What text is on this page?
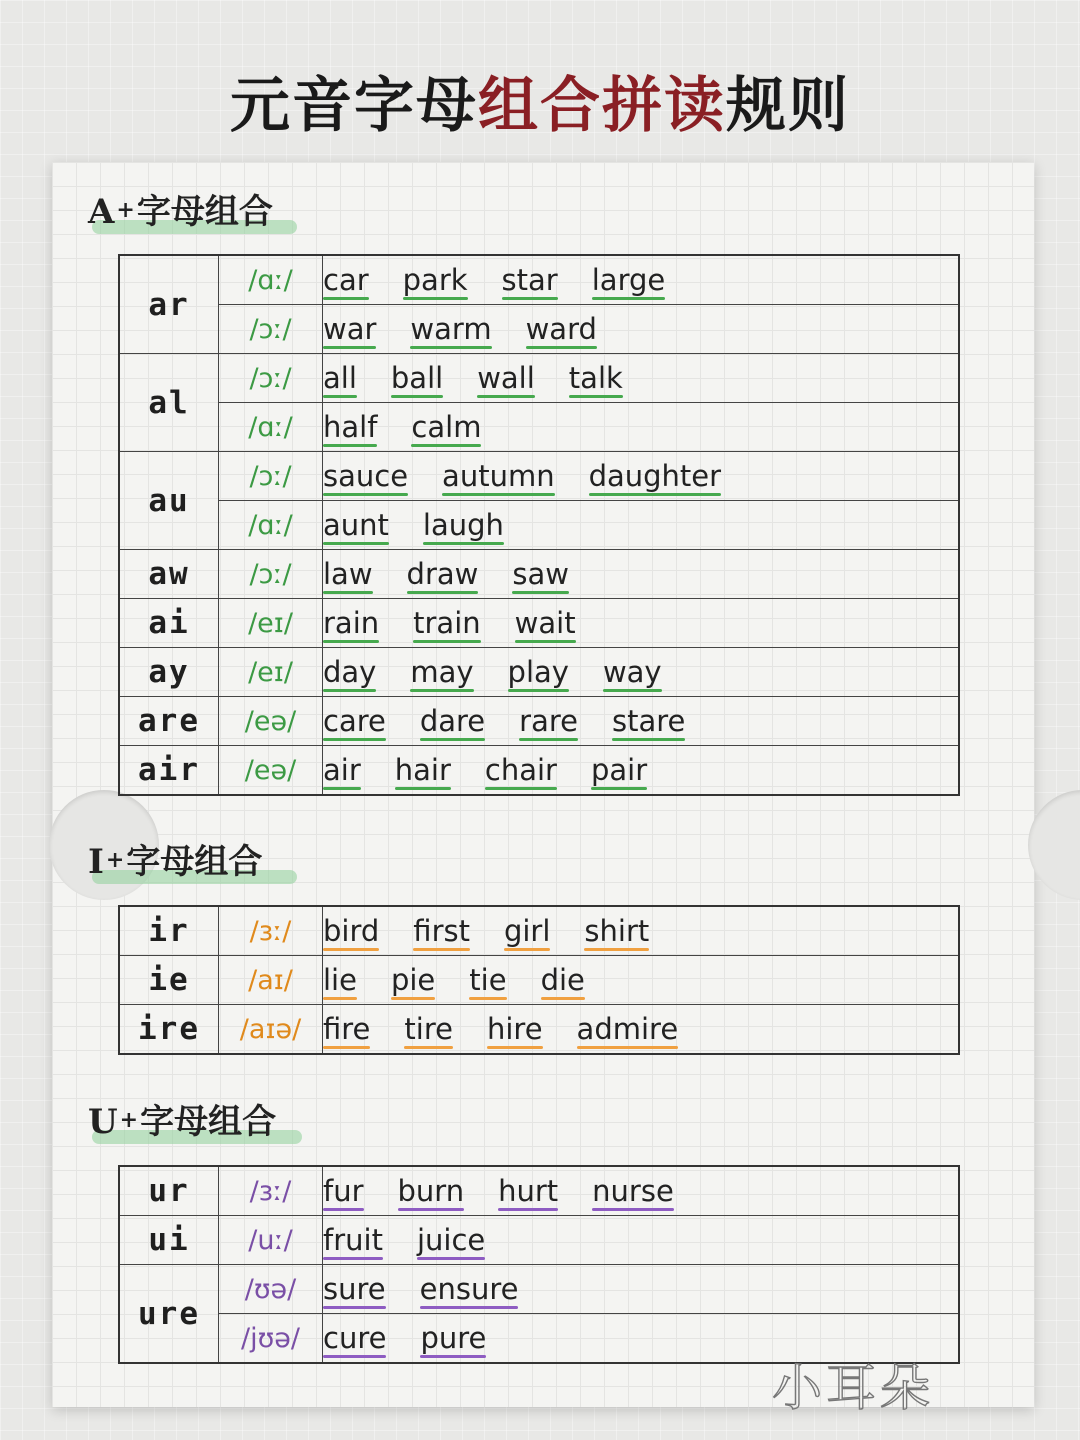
元音字母组合拼读规则
A+字母组合
ar	/ɑː/	car park star large

	/ɔː/	war warm ward

al	/ɔː/	all ball wall talk

	/ɑː/	half calm

au	/ɔː/	sauce autumn daughter

	/ɑː/	aunt laugh

aw	/ɔː/	law draw saw

ai	/eɪ/	rain train wait

ay	/eɪ/	day may play way

are	/eə/	care dare rare stare

air	/eə/	air hair chair pair
I+字母组合
ir	/ɜː/	bird first girl shirt

ie	/aɪ/	lie pie tie die

ire	/aɪə/	fire tire hire admire
U+字母组合
ur	/ɜː/	fur burn hurt nurse

ui	/uː/	fruit juice

ure	/ʊə/	sure ensure

	/jʊə/	cure pure
小耳朵
